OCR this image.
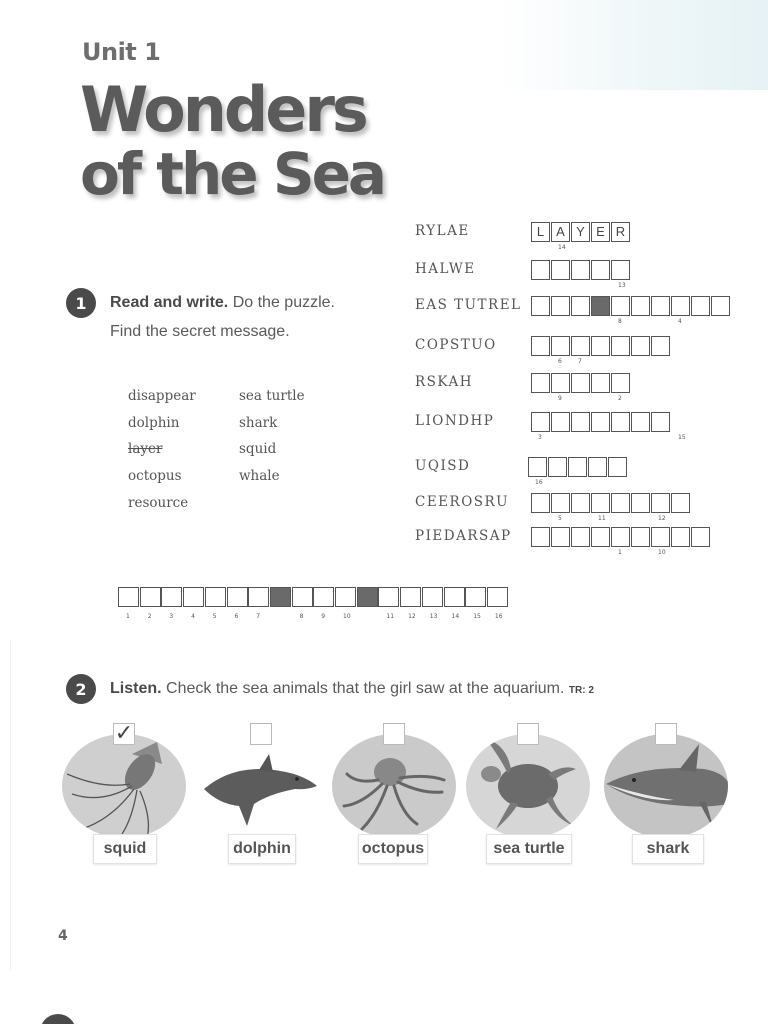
Unit 1
Wonders
of the Sea
1	Read and write. Do the puzzle.
Find the secret message.
disappear
dolphin
layer
octopus
resource
sea turtle
shark
squid
whale
RYLAE	L A Y E R
14
HALWE
13
EAS TUTREL
8	4
COPSTUO
6	7
RSKAH
9	2
LIONDHP
3	15
UQISD
16
CEEROSRU
5	11	12
PIEDARSAP
1	10
1	2	3	4	5	6	7	8	9	10	11 12 13 14 15 16
2	Listen. Check the sea animals that the girl saw at the aquarium. TR: 2
✓
squid	dolphin	octopus	sea turtle	shark
4
